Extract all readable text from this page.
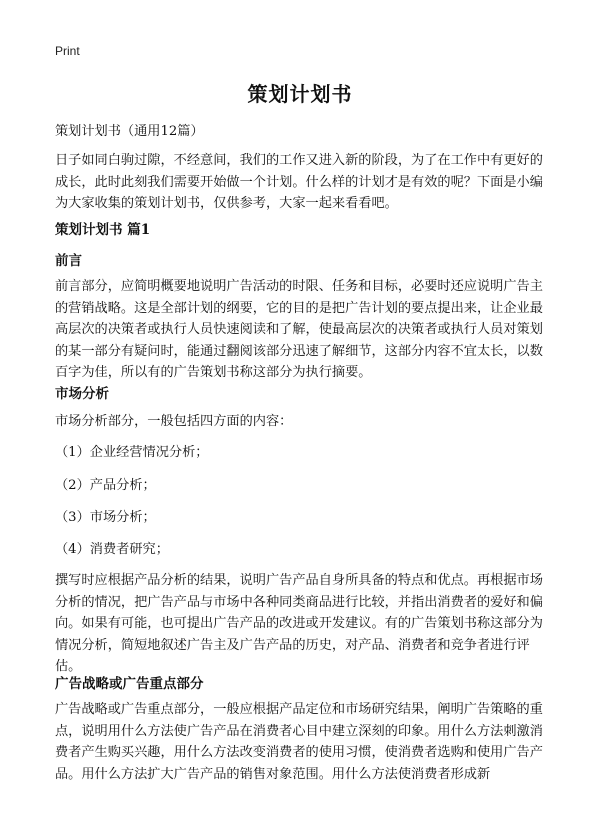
Print
策划计划书

策划计划书（通用12篇）

日子如同白驹过隙，不经意间，我们的工作又进入新的阶段，为了在工作中有更好的成长，此时此刻我们需要开始做一个计划。什么样的计划才是有效的呢？下面是小编为大家收集的策划计划书，仅供参考，大家一起来看看吧。

策划计划书 篇1

前言

前言部分，应简明概要地说明广告活动的时限、任务和目标，必要时还应说明广告主的营销战略。这是全部计划的纲要，它的目的是把广告计划的要点提出来，让企业最高层次的决策者或执行人员快速阅读和了解，使最高层次的决策者或执行人员对策划的某一部分有疑问时，能通过翻阅该部分迅速了解细节，这部分内容不宜太长，以数百字为佳，所以有的广告策划书称这部分为执行摘要。

市场分析

市场分析部分，一般包括四方面的内容：

（1）企业经营情况分析；

（2）产品分析；

（3）市场分析；

（4）消费者研究；

撰写时应根据产品分析的结果，说明广告产品自身所具备的特点和优点。再根据市场分析的情况，把广告产品与市场中各种同类商品进行比较，并指出消费者的爱好和偏向。如果有可能，也可提出广告产品的改进或开发建议。有的广告策划书称这部分为情况分析，简短地叙述广告主及广告产品的历史，对产品、消费者和竞争者进行评估。

广告战略或广告重点部分

广告战略或广告重点部分，一般应根据产品定位和市场研究结果，阐明广告策略的重点，说明用什么方法使广告产品在消费者心目中建立深刻的印象。用什么方法刺激消费者产生购买兴趣，用什么方法改变消费者的使用习惯，使消费者选购和使用广告产品。用什么方法扩大广告产品的销售对象范围。用什么方法使消费者形成新
